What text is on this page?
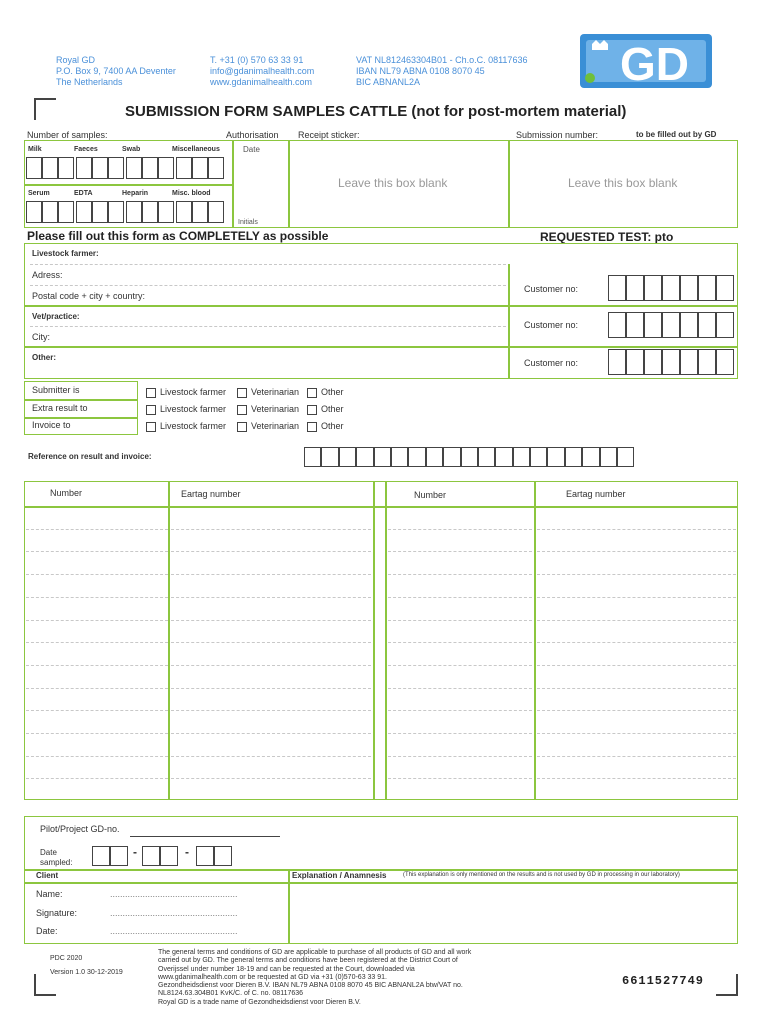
Royal GD
P.O. Box 9, 7400 AA Deventer
The Netherlands

T. +31 (0) 570 63 33 91
info@gdanimalhealth.com
www.gdanimalhealth.com

VAT NL812463304B01 - Ch.o.C. 08117636
IBAN NL79 ABNA 0108 8070 45
BIC ABNANL2A	GD
SUBMISSION FORM SAMPLES CATTLE (not for post-mortem material)
Number of samples:	Authorisation Receipt sticker:	Submission number:	to be filled out by GD
Milk	Faeces	Swab	Miscellaneous
Serum	EDTA	Heparin	Misc. blood
Date
Initials
Leave this box blank	Leave this box blank
Please fill out this form as COMPLETELY as possible	REQUESTED TEST: pto
Livestock farmer:
Adress:
Postal code + city + country:
Customer no:
Vet/practice:
City:
Customer no:
Other:
Customer no:
Submitter is
Extra result to
Invoice to
Livestock farmer	Veterinarian	Other
Livestock farmer	Veterinarian	Other
Livestock farmer	Veterinarian	Other
Reference on result and invoice:
Number	Eartag number	Number	Eartag number
Pilot/Project GD-no.
Date
sampled:
-	-
Client	Explanation / Anamnesis	(This explanation is only mentioned on the results and is not used by GD in processing in our laboratory)
Name:	...................................................
Signature:	...................................................
Date:	...................................................
PDC 2020
Version 1.0 30-12-2019
The general terms and conditions of GD are applicable to purchase of all products of GD and all work
carried out by GD. The general terms and conditions have been registered at the District Court of
Overijssel under number 18-19 and can be requested at the Court, downloaded via
www.gdanimalhealth.com or be requested at GD via +31 (0)570-63 33 91.
Gezondheidsdienst voor Dieren B.V. IBAN NL79 ABNA 0108 8070 45 BIC ABNANL2A btw/VAT no.
NL8124.63.304B01 KvK/C. of C. no. 08117636
Royal GD is a trade name of Gezondheidsdienst voor Dieren B.V.
6611527749
